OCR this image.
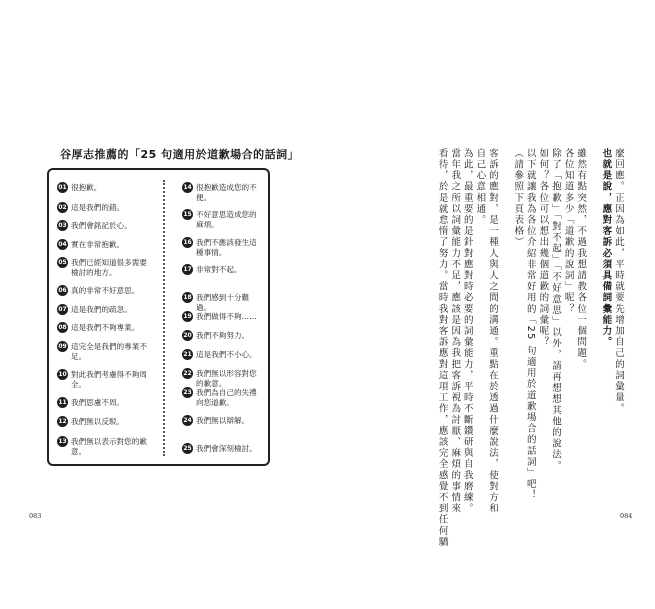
谷厚志推薦的「25 句適用於道歉場合的話詞」
01 很抱歉。
02 這是我們的錯。
03 我們會銘記於心。
04 實在非常抱歉。
05 我們已經知道很多需要檢討的地方。
06 真的非常不好意思。
07 這是我們的疏忽。
08 這是我們不夠專業。
09 這完全是我們的專業不足。
10 對此我們考慮得不夠周全。
11 我們思慮不周。
12 我們無以反駁。
13 我們無以表示對您的歉意。
14 很抱歉造成您的不便。
15 不好意思造成您的麻煩。
16 我們不應該發生這種事情。
17 非常對不起。
18 我們感到十分難過。
19 我們做得不夠……
20 我們不夠努力。
21 這是我們不小心。
22 我們無以形容對您的歉意。
23 我們為自己的失禮向您道歉。
24 我們無以辯解。
25 我們會深刻檢討。
083
麼回應。正因為如此，平時就要先增加自己的詞彙量。
也就是說，應對客訴必須具備詞彙能力。
雖然有點突然，不過我想請教各位一個問題。
各位知道多少「道歉的說詞」呢？
除了「抱歉」「對不起」「不好意思」以外，請再想想其他的說法。
如何？各位可以想出幾個道歉的詞彙呢？
以下就讓我為各位介紹非常好用的「25 句適用於道歉場合的話詞」吧！
（請參照下頁表格）
客訴的應對，是一種人與人之間的溝通。重點在於透過什麼說法，使對方和
自己心意相通。
為此，最重要的是針對應對時必要的詞彙能力，平時不斷鑽研與自我磨練。
當年我之所以詞彙能力不足，應該是因為我把客訴視為討厭、麻煩的事情來
看待，於是就怠惰了努力。當時我對客訴應對這項工作，應該完全感覺不到任何驕	084
